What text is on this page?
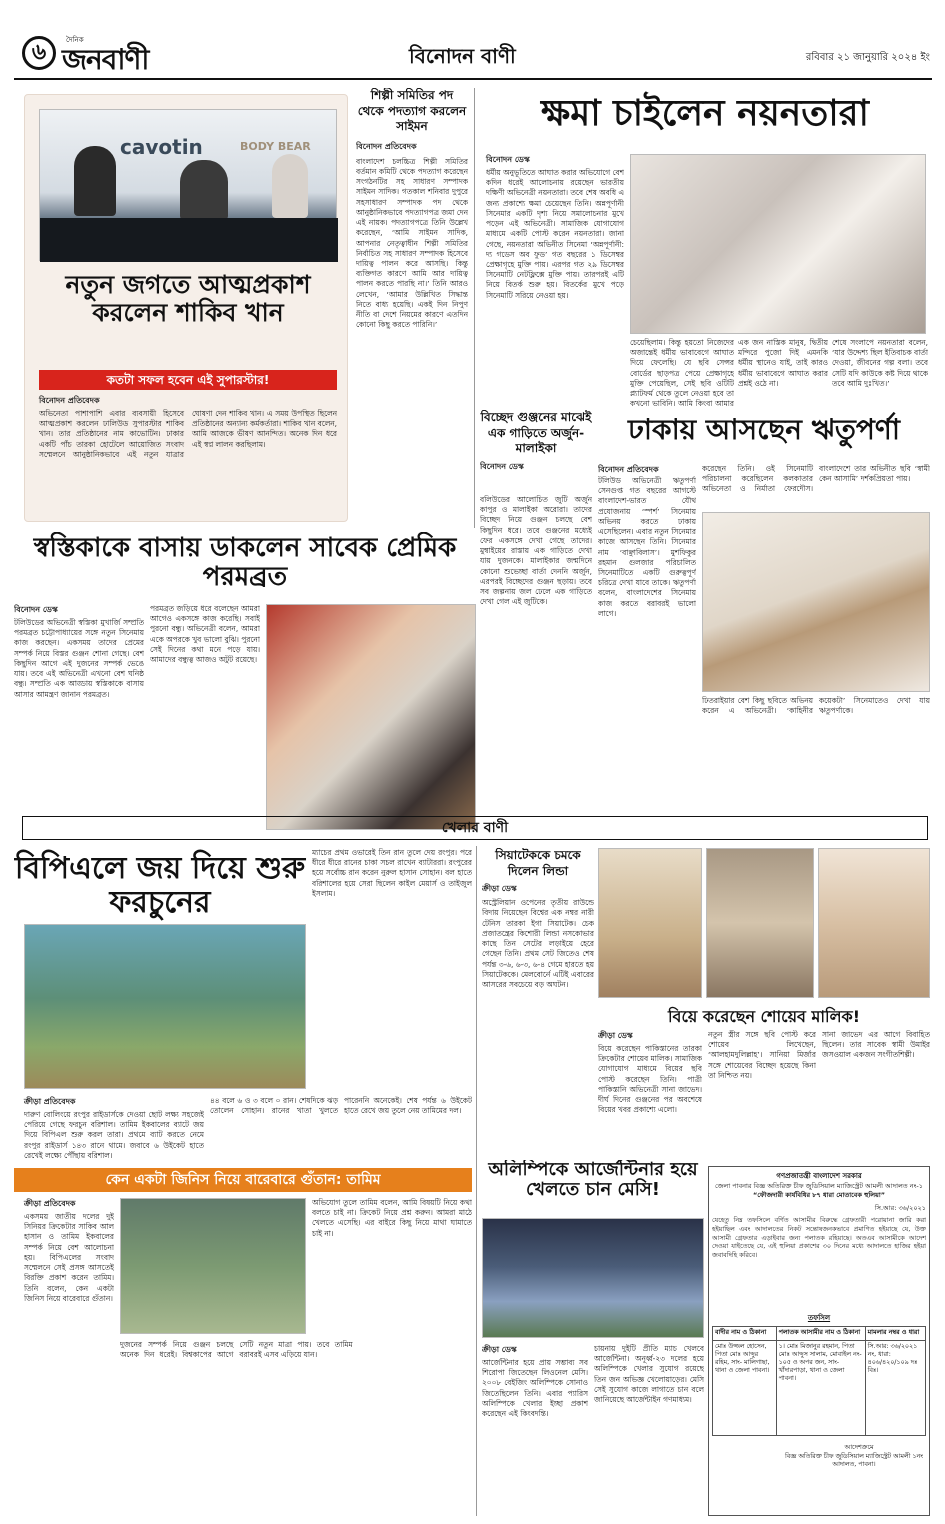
৬	দৈনিক
জনবাণী	বিনোদন বাণী	রবিবার ২১ জানুয়ারি ২০২৪ ইং
cavotin	BODY BEAR
নতুন জগতে আত্মপ্রকাশ করলেন শাকিব খান
কতটা সফল হবেন এই সুপারস্টার!
বিনোদন প্রতিবেদক
অভিনেতা পাশাপাশি এবার ব্যবসায়ী হিসেবে আত্মপ্রকাশ করলেন ঢালিউড সুপারস্টার শাকিব খান। তার প্রতিষ্ঠানের নাম কাভোটিন। ঢাকার একটি পাঁচ তারকা হোটেলে আয়োজিত সংবাদ সম্মেলনে আনুষ্ঠানিকভাবে এই নতুন যাত্রার ঘোষণা দেন শাকিব খান। এ সময় উপস্থিত ছিলেন প্রতিষ্ঠানের অন্যান্য কর্মকর্তারা। শাকিব খান বলেন, আমি আজকে ভীষণ আনন্দিত। অনেক দিন ধরে এই স্বপ্ন লালন করছিলাম।
শিল্পী সমিতির পদ থেকে পদত্যাগ করলেন সাইমন
বিনোদন প্রতিবেদক
বাংলাদেশ চলচ্চিত্র শিল্পী সমিতির বর্তমান কমিটি থেকে পদত্যাগ করেছেন সংগঠনটির সহ সাধারণ সম্পাদক সাইমন সাদিক। গতকাল শনিবার দুপুরে সহসাধারণ সম্পাদক পদ থেকে আনুষ্ঠানিকভাবে পদত্যাগপত্র জমা দেন এই নায়ক। পদত্যাগপত্রে তিনি উল্লেখ করেছেন, ‘আমি সাইমন সাদিক, আপনার নেতৃত্বাধীন শিল্পী সমিতির নির্বাচিত সহ সাধারণ সম্পাদক হিসেবে দায়িত্ব পালন করে আসছি। কিন্তু ব্যক্তিগত কারণে আমি আর দায়িত্ব পালন করতে পারছি না।’ তিনি আরও লেখেন, ‘আমার উল্লিখিত সিদ্ধান্ত নিতে বাধ্য হয়েছি। একই দিন নিপুণ নীতি বা দেশে নিয়মের কারণে এতদিন কোনো কিছু করতে পারিনি।’
ক্ষমা চাইলেন নয়নতারা
বিনোদন ডেস্ক
ধর্মীয় অনুভূতিতে আঘাত করার অভিযোগে বেশ কদিন ধরেই আলোচনায় রয়েছেন ভারতীয় দক্ষিণী অভিনেত্রী নয়নতারা। তবে শেষ অবধি এ জন্য প্রকাশ্যে ক্ষমা চেয়েছেন তিনি। অন্নপূর্ণানী সিনেমার একটি দৃশ্য নিয়ে সমালোচনার মুখে পড়েন এই অভিনেত্রী। সামাজিক যোগাযোগ মাধ্যমে একটি পোস্ট করেন নয়নতারা। জানা গেছে, নয়নতারা অভিনীত সিনেমা ‘অন্নপূর্ণানী: দ্য গডেস অব ফুড’ গত বছরের ১ ডিসেম্বর প্রেক্ষাগৃহে মুক্তি পায়। এরপর গত ২৯ ডিসেম্বর সিনেমাটি নেটফ্লিক্সে মুক্তি পায়। তারপরই এটি নিয়ে বিতর্ক শুরু হয়। বিতর্কের মুখে পড়ে সিনেমাটি সরিয়ে নেওয়া হয়।
চেয়েছিলাম। কিন্তু হয়তো নিজেদের অজান্তেই ধর্মীয় ভাবাবেগে আঘাত দিয়ে ফেলেছি। যে ছবি সেন্সর বোর্ডের ছাড়পত্র পেয়ে প্রেক্ষাগৃহে মুক্তি পেয়েছিল, সেই ছবি ওটিটি প্ল্যাটফর্ম থেকে তুলে নেওয়া হবে তা কখনো ভাবিনি। আমি কিংবা আমার
এক জন নাস্তিক মানুষ, দ্বিতীয় মন্দিরে পুজো দিই এমনকি ধর্মীয় স্থানেও যাই, তাই কারও ধর্মীয় ভাবাবেগে আঘাত করার প্রশ্নই ওঠে না।
শেষে সংলাপে নয়নতারা বলেন, ‘যার উদ্দেশ্য ছিল ইতিবাচক বার্তা দেওয়া, জীবনের গল্প বলা। তবে সেটি যদি কাউকে কষ্ট দিয়ে থাকে তবে আমি দুঃখিত।’
বিচ্ছেদ গুঞ্জনের মাঝেই এক গাড়িতে অর্জুন-মালাইকা
বিনোদন ডেস্ক
বলিউডের আলোচিত জুটি অর্জুন কাপুর ও মালাইকা অরোরা। তাদের বিচ্ছেদ নিয়ে গুঞ্জন চলছে বেশ কিছুদিন ধরে। তবে গুঞ্জনের মধ্যেই ফের একসঙ্গে দেখা গেছে তাদের। মুম্বাইয়ের রাস্তায় এক গাড়িতে দেখা যায় দুজনকে। মালাইকার জন্মদিনে কোনো শুভেচ্ছা বার্তা দেননি অর্জুন, এরপরই বিচ্ছেদের গুঞ্জন ছড়ায়। তবে সব জল্পনায় জল ঢেলে এক গাড়িতে দেখা গেল এই জুটিকে।
ঢাকায় আসছেন ঋতুপর্ণা
বিনোদন প্রতিবেদক
টলিউড অভিনেত্রী ঋতুপর্ণা সেনগুপ্ত গত বছরের আগস্টে বাংলাদেশ-ভারত যৌথ প্রযোজনায় ‘স্পর্শ’ সিনেমায় অভিনয় করতে ঢাকায় এসেছিলেন। এবার নতুন সিনেমার কাজে আসছেন তিনি। সিনেমার নাম ‘বাঞ্ছাবিলাস’। মুশফিকুর রহমান গুলজার পরিচালিত সিনেমাটিতে একটি গুরুত্বপূর্ণ চরিত্রে দেখা যাবে তাকে। ঋতুপর্ণা বলেন, বাংলাদেশের সিনেমায় কাজ করতে বরাবরই ভালো লাগে।
করেছেন তিনি। ওই সিনেমাটি পরিচালনা করেছিলেন কলকাতার অভিনেতা ও নির্মাতা ফেরদৌস। বাংলাদেশে তার অভিনীত ছবি ‘স্বামী কেন আসামি’ দর্শকপ্রিয়তা পায়।
ঢিতরাইয়ার বেশ কিছু ছবিতে অভিনয় করেন এ অভিনেত্রী। ‘কাহিনীর কয়েকটা’ সিনেমাতেও দেখা যায় ঋতুপর্ণাকে।
স্বস্তিকাকে বাসায় ডাকলেন সাবেক প্রেমিক পরমব্রত
বিনোদন ডেস্ক
টলিউডের অভিনেত্রী স্বস্তিকা মুখার্জি সম্প্রতি পরমব্রত চট্টোপাধ্যায়ের সঙ্গে নতুন সিনেমায় কাজ করছেন। একসময় তাদের প্রেমের সম্পর্ক নিয়ে বিস্তর গুঞ্জন শোনা গেছে। বেশ কিছুদিন আগে এই দুজনের সম্পর্ক ভেঙে যায়। তবে এই অভিনেত্রী এখনো বেশ ঘনিষ্ঠ বন্ধু। সম্প্রতি এক আড্ডায় স্বস্তিকাকে বাসায় আসার আমন্ত্রণ জানান পরমব্রত।
পরমব্রত জড়িয়ে ধরে বলেছেন আমরা আগেও একসঙ্গে কাজ করেছি। সবাই পুরনো বন্ধু। অভিনেত্রী বলেন, আমরা একে অপরকে খুব ভালো বুঝি। পুরনো সেই দিনের কথা মনে পড়ে যায়। আমাদের বন্ধুত্ব আজও অটুট রয়েছে।
খেলার বাণী
বিপিএলে জয় দিয়ে শুরু ফরচুনের
ম্যাচের প্রথম ওভারেই তিন রান তুলে দেয় রংপুর। পরে ধীরে ধীরে রানের চাকা সচল রাখেন ব্যাটাররা। রংপুরের হয়ে সর্বোচ্চ রান করেন নুরুল হাসান সোহান। বল হাতে বরিশালের হয়ে সেরা ছিলেন কাইল মেয়ার্স ও তাইজুল ইসলাম।
ক্রীড়া প্রতিবেদক
দারুণ বোলিংয়ে রংপুর রাইডার্সকে দেওয়া ছোট লক্ষ্য সহজেই পেরিয়ে গেছে ফরচুন বরিশাল। তামিম ইকবালের ব্যাটে জয় দিয়ে বিপিএল শুরু করল তারা। প্রথমে ব্যাট করতে নেমে রংপুর রাইডার্স ১৪৩ রানে থামে। জবাবে ৬ উইকেট হাতে রেখেই লক্ষ্যে পৌঁছায় বরিশাল।
৪৪ বলে ৬ ও ৩ বলে ০ রান। শেষদিকে ঝড় তোলেন সোহান। রানের খাতা খুলতে পারেননি অনেকেই। শেষ পর্যন্ত ৬ উইকেট হাতে রেখে জয় তুলে নেয় তামিমের দল।
কেন একটা জিনিস নিয়ে বারেবারে গুঁতান: তামিম
ক্রীড়া প্রতিবেদক
একসময় জাতীয় দলের দুই সিনিয়র ক্রিকেটার সাকিব আল হাসান ও তামিম ইকবালের সম্পর্ক নিয়ে বেশ আলোচনা হয়। বিপিএলের সংবাদ সম্মেলনে সেই প্রসঙ্গ আসতেই বিরক্তি প্রকাশ করেন তামিম। তিনি বলেন, কেন একটা জিনিস নিয়ে বারেবারে গুঁতান।
অভিযোগ তুলে তামিম বলেন, আমি বিষয়টি নিয়ে কথা বলতে চাই না। ক্রিকেট নিয়ে প্রশ্ন করুন। আমরা মাঠে খেলতে এসেছি। এর বাইরে কিছু নিয়ে মাথা ঘামাতে চাই না।
দুজনের সম্পর্ক নিয়ে গুঞ্জন চলছে অনেক দিন ধরেই। বিশ্বকাপের আগে সেটি নতুন মাত্রা পায়। তবে তামিম বরাবরই এসব এড়িয়ে যান।
সিয়াটেককে চমকে দিলেন লিন্ডা
ক্রীড়া ডেস্ক
অস্ট্রেলিয়ান ওপেনের তৃতীয় রাউন্ডে বিদায় নিয়েছেন বিশ্বের এক নম্বর নারী টেনিস তারকা ইগা সিয়াটেক। চেক প্রজাতন্ত্রের কিশোরী লিন্ডা নসকোভার কাছে তিন সেটের লড়াইয়ে হেরে গেছেন তিনি। প্রথম সেট জিতেও শেষ পর্যন্ত ৩-৬, ৬-৩, ৬-৪ গেমে হারতে হয় সিয়াটেককে। মেলবোর্নে এটিই এবারের আসরের সবচেয়ে বড় অঘটন।
বিয়ে করেছেন শোয়েব মালিক!
ক্রীড়া ডেস্ক
বিয়ে করেছেন পাকিস্তানের তারকা ক্রিকেটার শোয়েব মালিক। সামাজিক যোগাযোগ মাধ্যমে বিয়ের ছবি পোস্ট করেছেন তিনি। পাত্রী পাকিস্তানি অভিনেত্রী সানা জাভেদ। দীর্ঘ দিনের গুঞ্জনের পর অবশেষে বিয়ের খবর প্রকাশ্যে এলো।
নতুন স্ত্রীর সঙ্গে ছবি পোস্ট করে শোয়েব লিখেছেন, ‘আলহামদুলিল্লাহ’। সানিয়া মির্জার সঙ্গে শোয়েবের বিচ্ছেদ হয়েছে কিনা তা নিশ্চিত নয়।
সানা জাভেদ এর আগে বিবাহিত ছিলেন। তার সাবেক স্বামী উমাইর জসওয়াল একজন সংগীতশিল্পী।
অলিম্পিকে আর্জেন্টিনার হয়ে খেলতে চান মেসি!
ক্রীড়া ডেস্ক
আর্জেন্টিনার হয়ে প্রায় সম্ভাব্য সব শিরোপা জিতেছেন লিওনেল মেসি। ২০০৮ বেইজিং অলিম্পিকে সোনাও জিতেছিলেন তিনি। এবার প্যারিস অলিম্পিকে খেলার ইচ্ছা প্রকাশ করেছেন এই কিংবদন্তি।
চায়নায় দুইটি প্রীতি ম্যাচ খেলবে আর্জেন্টিনা। অনূর্ধ্ব-২৩ দলের হয়ে অলিম্পিকে খেলার সুযোগ রয়েছে তিন জন অভিজ্ঞ খেলোয়াড়ের। মেসি সেই সুযোগ কাজে লাগাতে চান বলে জানিয়েছে আর্জেন্টাইন গণমাধ্যম।
গণপ্রজাতন্ত্রী বাংলাদেশ সরকার
জেলা পাবনার বিজ্ঞ অতিরিক্ত চীফ জুডিসিয়াল ম্যাজিস্ট্রেট আমলী আদালত নং-১
“ফৌজদারী কার্যবিধির ৮৭ ধারা মোতাবেক হুলিয়া”
সি.আর: ৩৬/২০২১
যেহেতু নিম্ন তফসিলে বর্ণিত আসামীর বিরুদ্ধে গ্রেফতারী পরোয়ানা জারি করা হইয়াছিল এবং আদালতের নিকট সন্তোষজনকভাবে প্রমাণিত হইয়াছে যে, উক্ত আসামী গ্রেফতার এড়াইবার জন্য পলাতক রহিয়াছে। অতএব আসামীকে আদেশ দেওয়া যাইতেছে যে, এই হুলিয়া প্রকাশের ৩০ দিনের মধ্যে আদালতে হাজির হইয়া জবাবদিহি করিবে।
তফসিল
বাদীর নাম ও ঠিকানা	পলাতক আসামীর নাম ও ঠিকানা	মামলার নম্বর ও ধারা
মোঃ উজ্জল হোসেন, পিতা মোঃ আব্দুর রহিম, সাং- মালিগাছা, থানা ও জেলা পাবনা।
১। মোঃ মিজানুর রহমান, পিতা মোঃ আব্দুস সালাম, মোবাইল নং- ১০৫ ও অপর জন, সাং- খাঁদারপাড়া, থানা ও জেলা পাবনা।
সি.আর: ৩৬/২০২১ নং, ধারা: ৪০৬/৪২০/১০৯ দঃ বিঃ।
আদেশক্রমে
বিজ্ঞ অতিরিক্ত চীফ জুডিসিয়াল ম্যাজিস্ট্রেট আমলী ১নং আদালত, পাবনা।
